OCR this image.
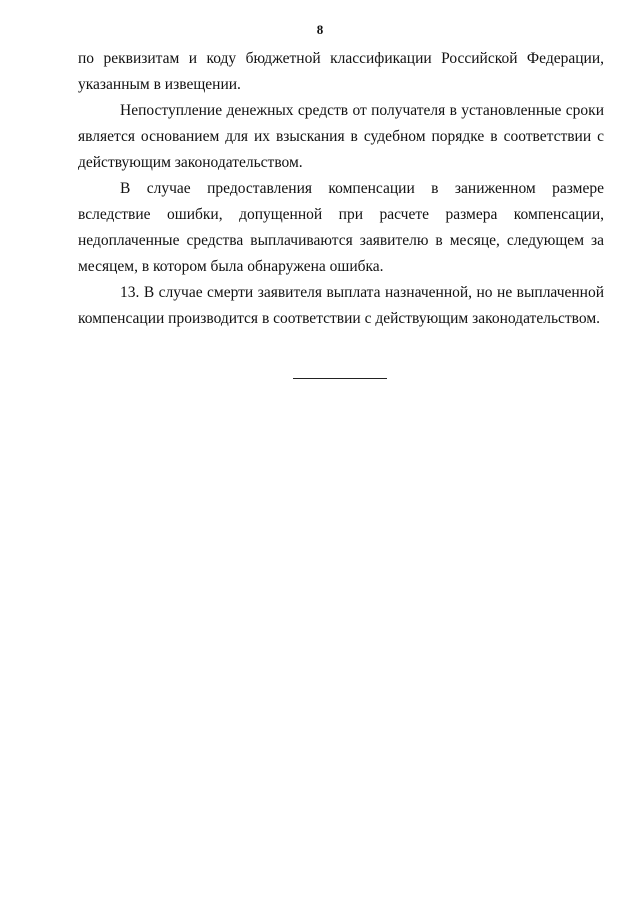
8

по реквизитам и коду бюджетной классификации Российской Федерации, указанным в извещении.

Непоступление денежных средств от получателя в установленные сроки является основанием для их взыскания в судебном порядке в соответствии с действующим законодательством.

В случае предоставления компенсации в заниженном размере вследствие ошибки, допущенной при расчете размера компенсации, недоплаченные средства выплачиваются заявителю в месяце, следующем за месяцем, в котором была обнаружена ошибка.

13. В случае смерти заявителя выплата назначенной, но не выплаченной компенсации производится в соответствии с действующим законодательством.
